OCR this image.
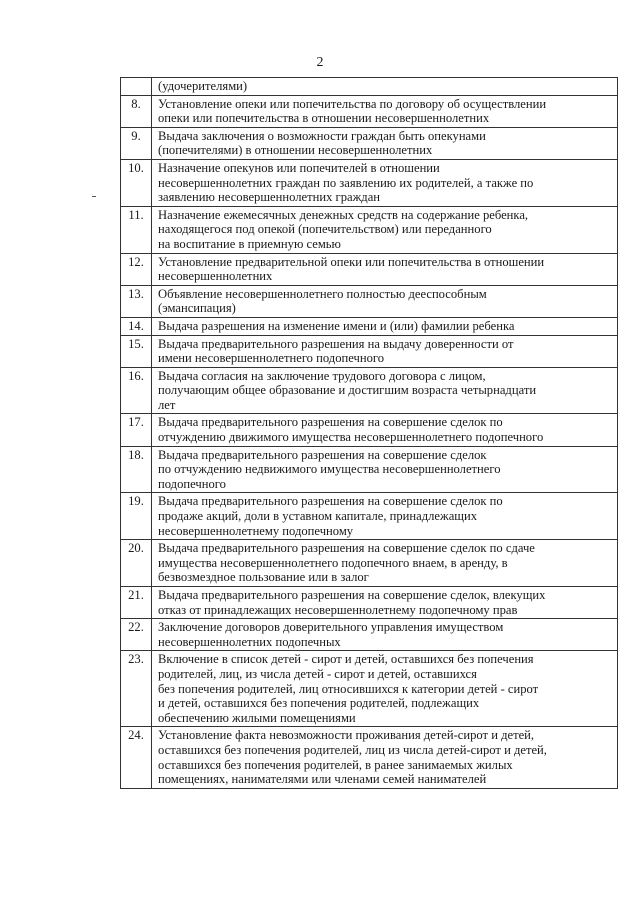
2

	(удочерителями)

8.	Установление опеки или попечительства по договору об осуществлении
опеки или попечительства в отношении несовершеннолетних

9.	Выдача заключения о возможности граждан быть опекунами
(попечителями) в отношении несовершеннолетних

10.	Назначение опекунов или попечителей в отношении
несовершеннолетних граждан по заявлению их родителей, а также по
заявлению несовершеннолетних граждан

11.	Назначение ежемесячных денежных средств на содержание ребенка,
находящегося под опекой (попечительством) или переданного
на воспитание в приемную семью

12.	Установление предварительной опеки или попечительства в отношении
несовершеннолетних

13.	Объявление несовершеннолетнего полностью дееспособным
(эмансипация)

14.	Выдача разрешения на изменение имени и (или) фамилии ребенка

15.	Выдача предварительного разрешения на выдачу доверенности от
имени несовершеннолетнего подопечного

16.	Выдача согласия на заключение трудового договора с лицом,
получающим общее образование и достигшим возраста четырнадцати
лет

17.	Выдача предварительного разрешения на совершение сделок по
отчуждению движимого имущества несовершеннолетнего подопечного

18.	Выдача предварительного разрешения на совершение сделок
по отчуждению недвижимого имущества несовершеннолетнего
подопечного

19.	Выдача предварительного разрешения на совершение сделок по
продаже акций, доли в уставном капитале, принадлежащих
несовершеннолетнему подопечному

20.	Выдача предварительного разрешения на совершение сделок по сдаче
имущества несовершеннолетнего подопечного внаем, в аренду, в
безвозмездное пользование или в залог

21.	Выдача предварительного разрешения на совершение сделок, влекущих
отказ от принадлежащих несовершеннолетнему подопечному прав

22.	Заключение договоров доверительного управления имуществом
несовершеннолетних подопечных

23.	Включение в список детей - сирот и детей, оставшихся без попечения
родителей, лиц, из числа детей - сирот и детей, оставшихся
без попечения родителей, лиц относившихся к категории детей - сирот
и детей, оставшихся без попечения родителей, подлежащих
обеспечению жилыми помещениями

24.	Установление факта невозможности проживания детей-сирот и детей,
оставшихся без попечения родителей, лиц из числа детей-сирот и детей,
оставшихся без попечения родителей, в ранее занимаемых жилых
помещениях, нанимателями или членами семей нанимателей
